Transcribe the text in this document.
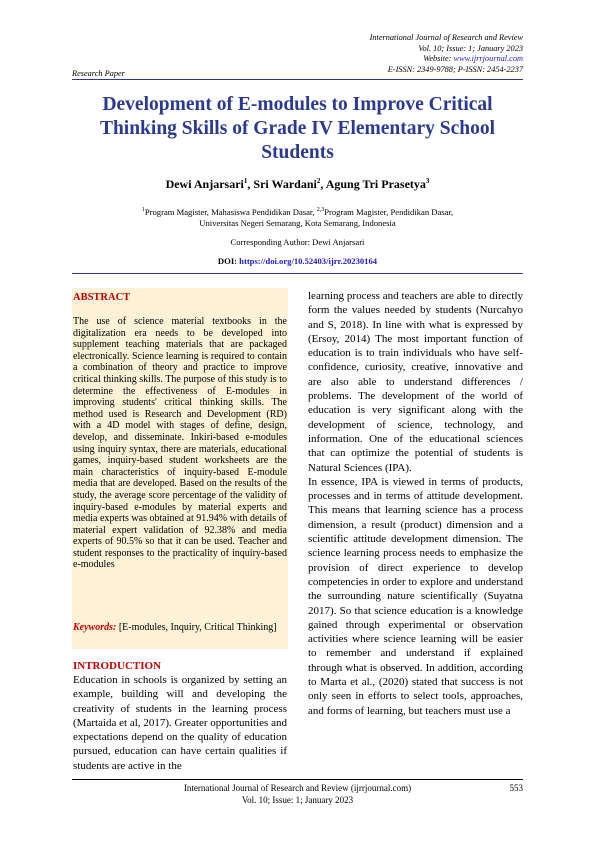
International Journal of Research and Review
Vol. 10; Issue: 1; January 2023
Website: www.ijrrjournal.com
E-ISSN: 2349-9788; P-ISSN: 2454-2237
Research Paper
Development of E-modules to Improve Critical Thinking Skills of Grade IV Elementary School Students
Dewi Anjarsari$^1$, Sri Wardani$^2$, Agung Tri Prasetya$^3$
$^1$Program Magister, Mahasiswa Pendidikan Dasar, $^{2,3}$Program Magister, Pendidikan Dasar,
Universitas Negeri Semarang, Kota Semarang, Indonesia
Corresponding Author: Dewi Anjarsari
DOI: https://doi.org/10.52403/ijrr.20230164
ABSTRACT
The use of science material textbooks in the digitalization era needs to be developed into supplement teaching materials that are packaged electronically. Science learning is required to contain a combination of theory and practice to improve critical thinking skills. The purpose of this study is to determine the effectiveness of E-modules in improving students' critical thinking skills. The method used is Research and Development (RD) with a 4D model with stages of define, design, develop, and disseminate. Inkiri-based e-modules using inquiry syntax, there are materials, educational games, inquiry-based student worksheets are the main characteristics of inquiry-based E-module media that are developed. Based on the results of the study, the average score percentage of the validity of inquiry-based e-modules by material experts and media experts was obtained at 91.94% with details of material expert validation of 92.38% and media experts of 90.5% so that it can be used. Teacher and student responses to the practicality of inquiry-based e-modules
Keywords: [E-modules, Inquiry, Critical Thinking]
INTRODUCTION
Education in schools is organized by setting an example, building will and developing the creativity of students in the learning process (Martaida et al, 2017). Greater opportunities and expectations depend on the quality of education pursued, education can have certain qualities if students are active in the

learning process and teachers are able to directly form the values needed by students (Nurcahyo and S, 2018). In line with what is expressed by (Ersoy, 2014) The most important function of education is to train individuals who have self-confidence, curiosity, creative, innovative and are also able to understand differences / problems. The development of the world of education is very significant along with the development of science, technology, and information. One of the educational sciences that can optimize the potential of students is Natural Sciences (IPA).

In essence, IPA is viewed in terms of products, processes and in terms of attitude development. This means that learning science has a process dimension, a result (product) dimension and a scientific attitude development dimension. The science learning process needs to emphasize the provision of direct experience to develop competencies in order to explore and understand the surrounding nature scientifically (Suyatna 2017). So that science education is a knowledge gained through experimental or observation activities where science learning will be easier to remember and understand if explained through what is observed. In addition, according to Marta et al., (2020) stated that success is not only seen in efforts to select tools, approaches, and forms of learning, but teachers must use a

International Journal of Research and Review (ijrrjournal.com)
Vol. 10; Issue: 1; January 2023
553
